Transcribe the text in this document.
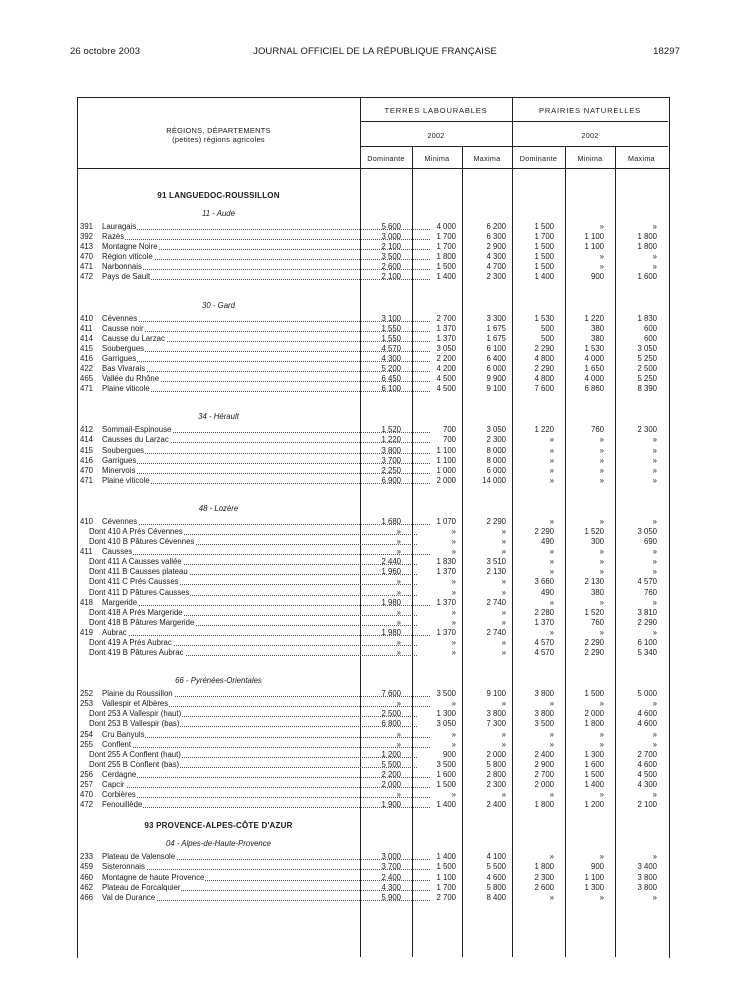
26 octobre 2003	JOURNAL OFFICIEL DE LA RÉPUBLIQUE FRANÇAISE	18297
RÉGIONS, DÉPARTEMENTS
(petites) régions agricoles
TERRES LABOURABLES	PRAIRIES NATURELLES
2002	2002
Dominante	Minima	Maxima	Dominante	Minima	Maxima
91 LANGUEDOC-ROUSSILLON
11 - Aude
391	Lauragais	5 600	4 000	6 200	1 500	»	»
392	Razès	3 000	1 700	6 300	1 700	1 100	1 800
413	Montagne Noire	2 100	1 700	2 900	1 500	1 100	1 800
470	Région viticole	3 500	1 800	4 300	1 500	»	»
471	Narbonnais	2 600	1 500	4 700	1 500	»	»
472	Pays de Sault	2 100	1 400	2 300	1 400	900	1 600
30 - Gard
410	Cévennes	3 100	2 700	3 300	1 530	1 220	1 830
411	Causse noir	1 550	1 370	1 675	500	380	600
414	Causse du Larzac	1 550	1 370	1 675	500	380	600
415	Soubergues	4 570	3 050	6 100	2 290	1 530	3 050
416	Garrigues	4 300	2 200	6 400	4 800	4 000	5 250
422	Bas Vivarais	5 200	4 200	6 000	2 290	1 650	2 500
465	Vallée du Rhône	6 450	4 500	9 900	4 800	4 000	5 250
471	Plaine viticole	6 100	4 500	9 100	7 600	6 860	8 390
34 - Hérault
412	Sommail-Espinouse	1 520	700	3 050	1 220	760	2 300
414	Causses du Larzac	1 220	700	2 300	»	»	»
415	Soubergues	3 800	1 100	8 000	»	»	»
416	Garrigues	3 700	1 100	8 000	»	»	»
470	Minervois	2 250	1 000	6 000	»	»	»
471	Plaine viticole	6 900	2 000	14 000	»	»	»
48 - Lozère
410	Cévennes	1 680	1 070	2 290	»	»	»
Dont 410 A Prés Cévennes	»	»	»	2 290	1 520	3 050
Dont 410 B Pâtures Cévennes	»	»	»	490	300	690
411	Causses	»	»	»	»	»	»
Dont 411 A Causses vallée	2 440	1 830	3 510	»	»	»
Dont 411 B Causses plateau	1 960	1 370	2 130	»	»	»
Dont 411 C Prés Causses	»	»	»	3 660	2 130	4 570
Dont 411 D Pâtures Causses	»	»	»	490	380	760
418	Margeride	1 980	1 370	2 740	»	»	»
Dont 418 A Prés Margeride	»	»	»	2 280	1 520	3 810
Dont 418 B Pâtures Margeride	»	»	»	1 370	760	2 290
419	Aubrac	1 980	1 370	2 740	»	»	»
Dont 419 A Prés Aubrac	»	»	»	4 570	2 290	6 100
Dont 419 B Pâtures Aubrac	»	»	»	4 570	2 290	5 340
66 - Pyrénées-Orientales
252	Plaine du Roussillon	7 600	3 500	9 100	3 800	1 500	5 000
253	Vallespir et Albères	»	»	»	»	»	»
Dont 253 A Vallespir (haut)	2 500	1 300	3 800	3 800	2 000	4 600
Dont 253 B Vallespir (bas)	6 800	3 050	7 300	3 500	1 800	4 600
254	Cru Banyuls	»	»	»	»	»	»
255	Conflent	»	»	»	»	»	»
Dont 255 A Conflent (haut)	1 200	900	2 000	2 400	1 300	2 700
Dont 255 B Conflent (bas)	5 500	3 500	5 800	2 900	1 600	4 600
256	Cerdagne	2 200	1 600	2 800	2 700	1 500	4 500
257	Capcir	2 000	1 500	2 300	2 000	1 400	4 300
470	Corbières	»	»	»	»	»	»
472	Fenouillède	1 900	1 400	2 400	1 800	1 200	2 100
93 PROVENCE-ALPES-CÔTE D'AZUR
04 - Alpes-de-Haute-Provence
233	Plateau de Valensole	3 000	1 400	4 100	»	»	»
459	Sisteronnais	3 700	1 500	5 500	1 800	900	3 400
460	Montagne de haute Provence	2 400	1 100	4 600	2 300	1 100	3 800
462	Plateau de Forcalquier	4 300	1 700	5 800	2 600	1 300	3 800
466	Val de Durance	5 900	2 700	8 400	»	»	»
